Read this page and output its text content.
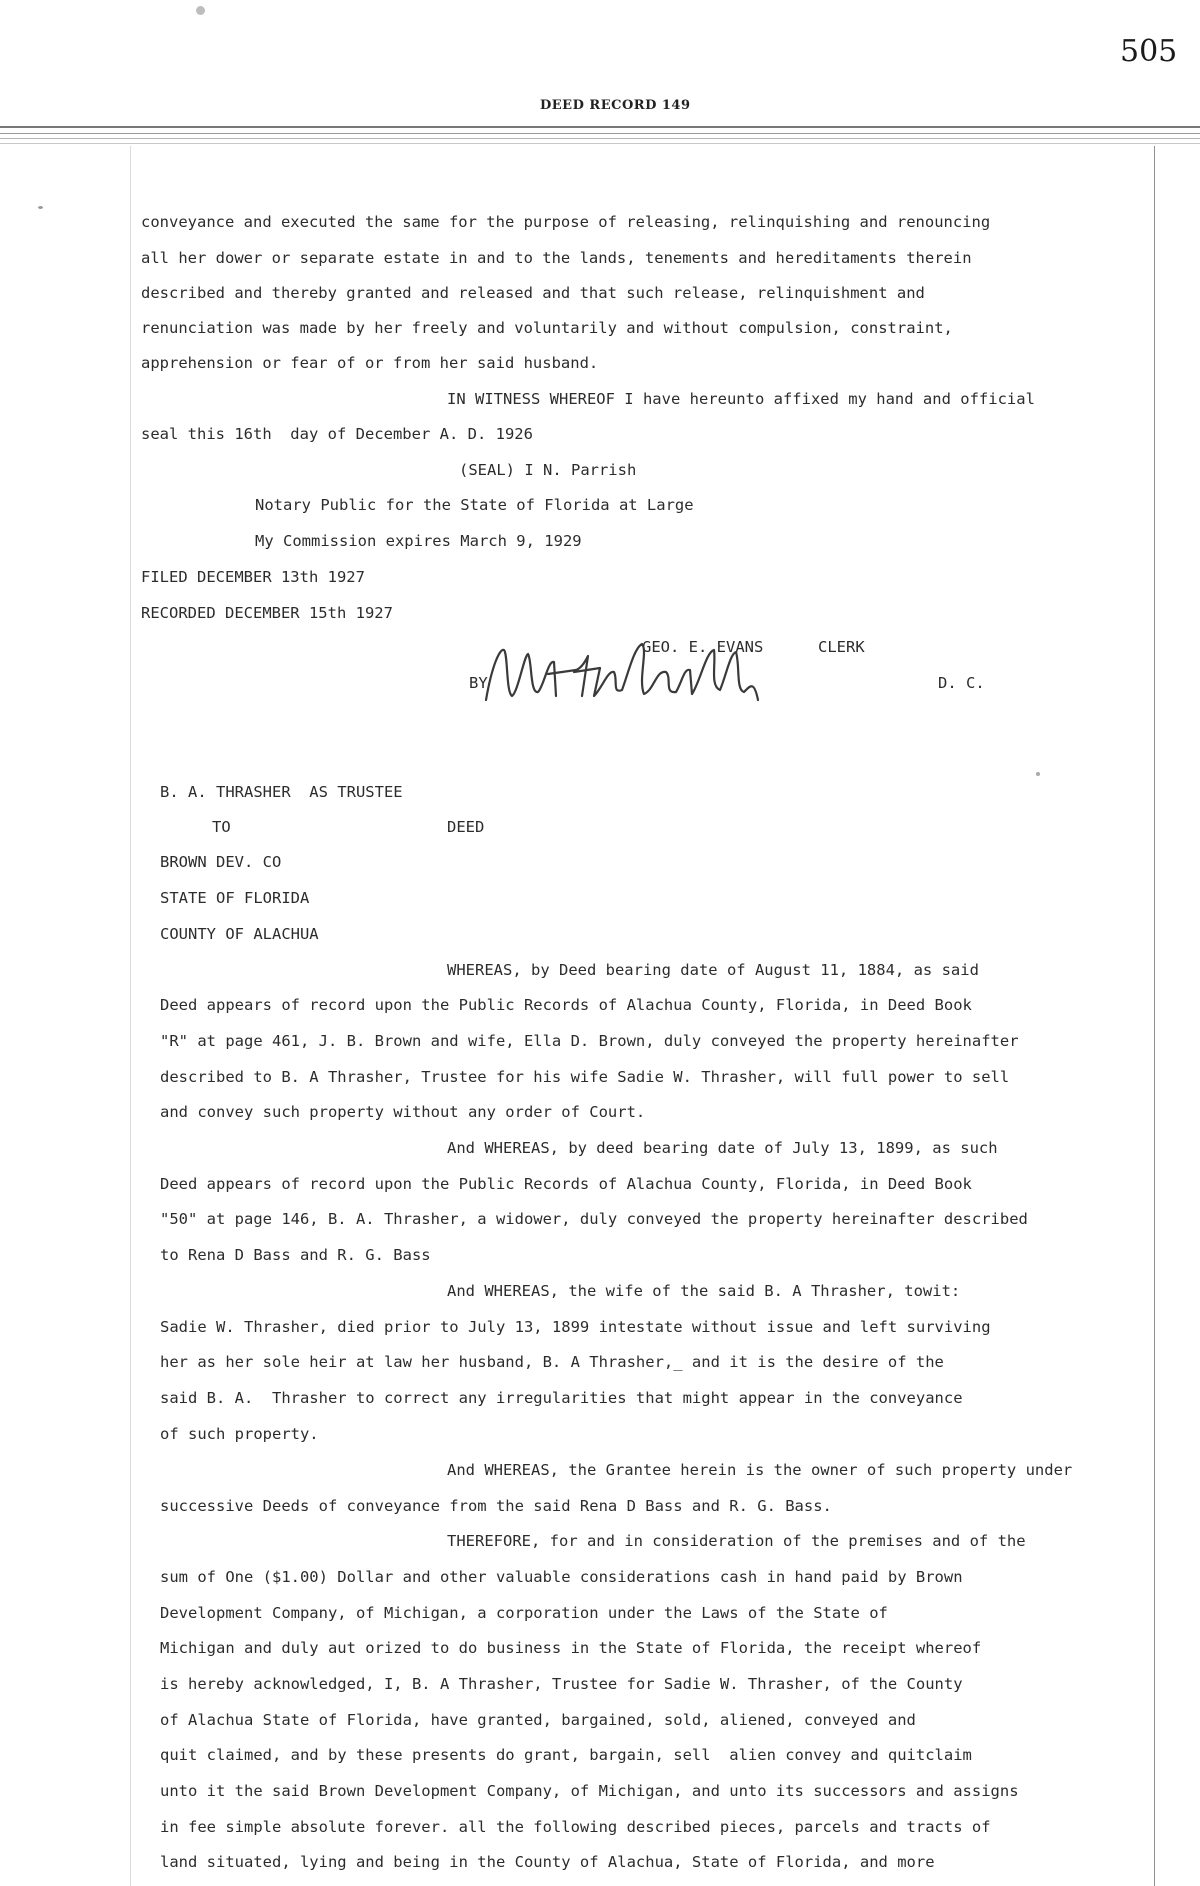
505
DEED RECORD 149
conveyance and executed the same for the purpose of releasing, relinquishing and renouncing
all her dower or separate estate in and to the lands, tenements and hereditaments therein
described and thereby granted and released and that such release, relinquishment and
renunciation was made by her freely and voluntarily and without compulsion, constraint,
apprehension or fear of or from her said husband.
IN WITNESS WHEREOF I have hereunto affixed my hand and official
seal this 16th  day of December A. D. 1926
(SEAL) I N. Parrish
Notary Public for the State of Florida at Large
My Commission expires March 9, 1929
FILED DECEMBER 13th 1927
RECORDED DECEMBER 15th 1927
GEO. E. EVANS	CLERK
BY	D. C.
B. A. THRASHER  AS TRUSTEE
TO	DEED
BROWN DEV. CO
STATE OF FLORIDA
COUNTY OF ALACHUA
WHEREAS, by Deed bearing date of August 11, 1884, as said
Deed appears of record upon the Public Records of Alachua County, Florida, in Deed Book
"R" at page 461, J. B. Brown and wife, Ella D. Brown, duly conveyed the property hereinafter
described to B. A Thrasher, Trustee for his wife Sadie W. Thrasher, will full power to sell
and convey such property without any order of Court.
And WHEREAS, by deed bearing date of July 13, 1899, as such
Deed appears of record upon the Public Records of Alachua County, Florida, in Deed Book
"50" at page 146, B. A. Thrasher, a widower, duly conveyed the property hereinafter described
to Rena D Bass and R. G. Bass
And WHEREAS, the wife of the said B. A Thrasher, towit:
Sadie W. Thrasher, died prior to July 13, 1899 intestate without issue and left surviving
her as her sole heir at law her husband, B. A Thrasher,_ and it is the desire of the
said B. A.  Thrasher to correct any irregularities that might appear in the conveyance
of such property.
And WHEREAS, the Grantee herein is the owner of such property under
successive Deeds of conveyance from the said Rena D Bass and R. G. Bass.
THEREFORE, for and in consideration of the premises and of the
sum of One ($1.00) Dollar and other valuable considerations cash in hand paid by Brown
Development Company, of Michigan, a corporation under the Laws of the State of
Michigan and duly aut orized to do business in the State of Florida, the receipt whereof
is hereby acknowledged, I, B. A Thrasher, Trustee for Sadie W. Thrasher, of the County
of Alachua State of Florida, have granted, bargained, sold, aliened, conveyed and
quit claimed, and by these presents do grant, bargain, sell  alien convey and quitclaim
unto it the said Brown Development Company, of Michigan, and unto its successors and assigns
in fee simple absolute forever. all the following described pieces, parcels and tracts of
land situated, lying and being in the County of Alachua, State of Florida, and more
